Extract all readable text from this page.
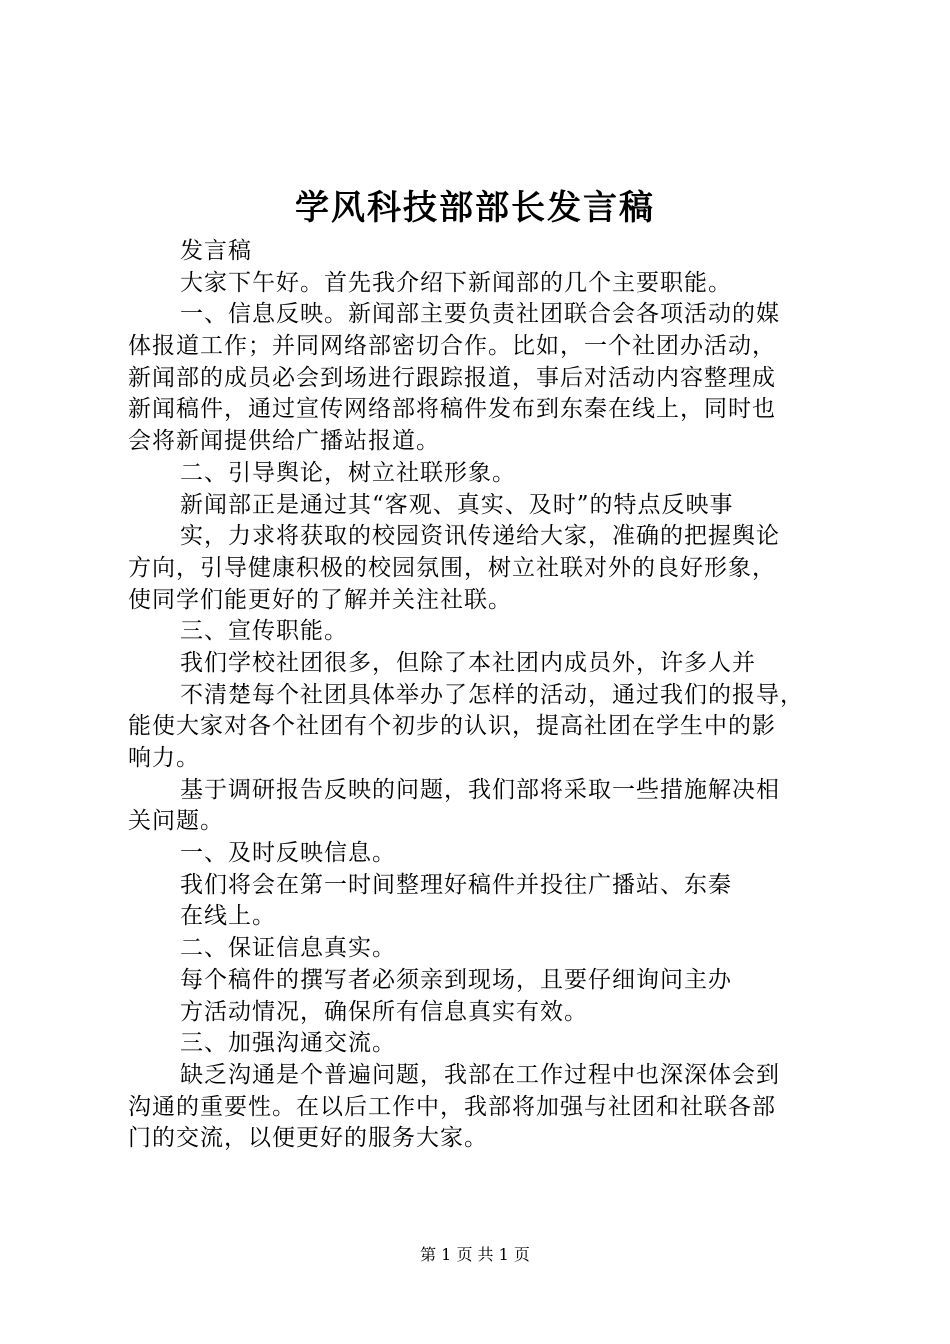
学风科技部部长发言稿
发言稿
大家下午好。首先我介绍下新闻部的几个主要职能。
一、信息反映。新闻部主要负责社团联合会各项活动的媒
体报道工作；并同网络部密切合作。比如，一个社团办活动，
新闻部的成员必会到场进行跟踪报道，事后对活动内容整理成
新闻稿件，通过宣传网络部将稿件发布到东秦在线上，同时也
会将新闻提供给广播站报道。
二、引导舆论，树立社联形象。
新闻部正是通过其“客观、真实、及时”的特点反映事
实，力求将获取的校园资讯传递给大家，准确的把握舆论
方向，引导健康积极的校园氛围，树立社联对外的良好形象，
使同学们能更好的了解并关注社联。
三、宣传职能。
我们学校社团很多，但除了本社团内成员外，许多人并
不清楚每个社团具体举办了怎样的活动，通过我们的报导，
能使大家对各个社团有个初步的认识，提高社团在学生中的影
响力。
基于调研报告反映的问题，我们部将采取一些措施解决相
关问题。
一、及时反映信息。
我们将会在第一时间整理好稿件并投往广播站、东秦
在线上。
二、保证信息真实。
每个稿件的撰写者必须亲到现场，且要仔细询问主办
方活动情况，确保所有信息真实有效。
三、加强沟通交流。
缺乏沟通是个普遍问题，我部在工作过程中也深深体会到
沟通的重要性。在以后工作中，我部将加强与社团和社联各部
门的交流，以便更好的服务大家。
第 1 页 共 1 页
